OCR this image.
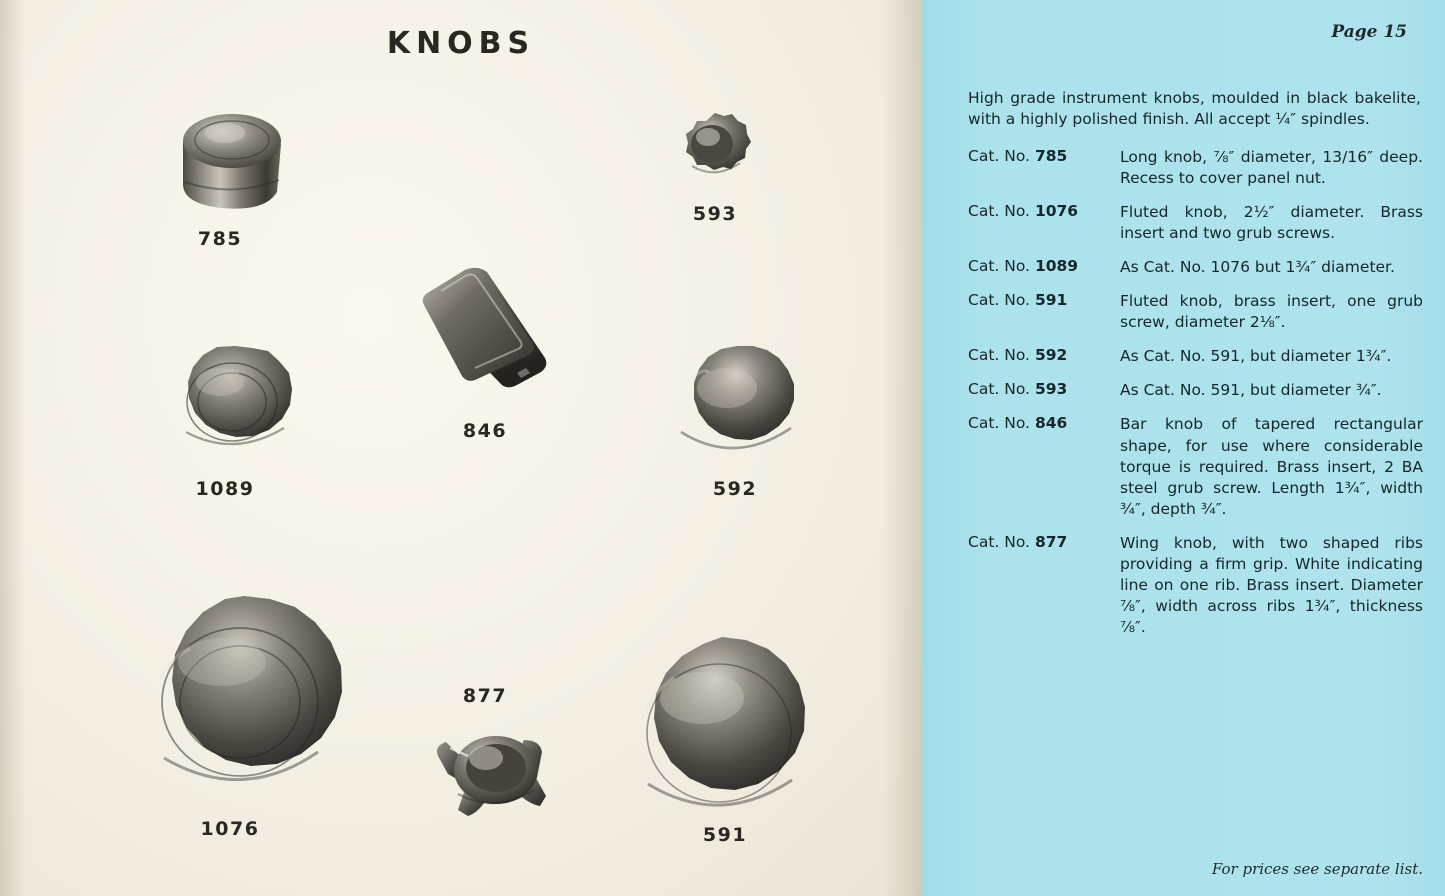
KNOBS
785
593
1089
846
592
1076
877
591
Page 15

High grade instrument knobs, moulded in black bakelite, with a highly polished finish. All accept ¼″ spindles.

Cat. No. 785	Long knob, ⅞″ diameter, 13/16″ deep. Recess to cover panel nut.
Cat. No. 1076	Fluted knob, 2½″ diameter. Brass insert and two grub screws.
Cat. No. 1089	As Cat. No. 1076 but 1¾″ diameter.
Cat. No. 591	Fluted knob, brass insert, one grub screw, diameter 2⅛″.
Cat. No. 592	As Cat. No. 591, but diameter 1¾″.
Cat. No. 593	As Cat. No. 591, but diameter ¾″.
Cat. No. 846	Bar knob of tapered rectangular shape, for use where considerable torque is required. Brass insert, 2 BA steel grub screw. Length 1¾″, width ¾″, depth ¾″.
Cat. No. 877	Wing knob, with two shaped ribs providing a firm grip. White indicating line on one rib. Brass insert. Diameter ⅞″, width across ribs 1¾″, thickness ⅞″.
For prices see separate list.
